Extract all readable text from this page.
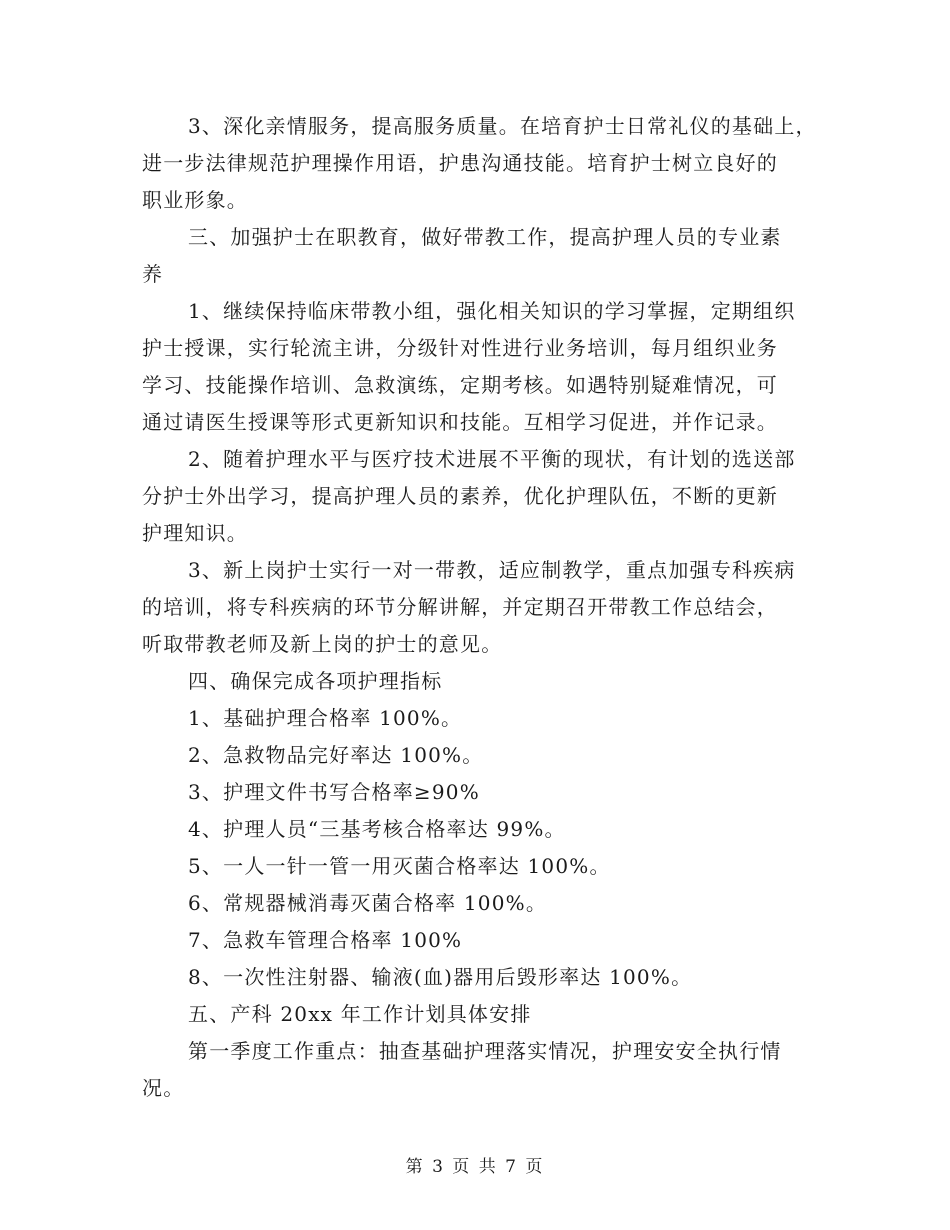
3、深化亲情服务，提高服务质量。在培育护士日常礼仪的基础上，
进一步法律规范护理操作用语，护患沟通技能。培育护士树立良好的
职业形象。
三、加强护士在职教育，做好带教工作，提高护理人员的专业素
养
1、继续保持临床带教小组，强化相关知识的学习掌握，定期组织
护士授课，实行轮流主讲，分级针对性进行业务培训，每月组织业务
学习、技能操作培训、急救演练，定期考核。如遇特别疑难情况，可
通过请医生授课等形式更新知识和技能。互相学习促进，并作记录。
2、随着护理水平与医疗技术进展不平衡的现状，有计划的选送部
分护士外出学习，提高护理人员的素养，优化护理队伍，不断的更新
护理知识。
3、新上岗护士实行一对一带教，适应制教学，重点加强专科疾病
的培训，将专科疾病的环节分解讲解，并定期召开带教工作总结会，
听取带教老师及新上岗的护士的意见。
四、确保完成各项护理指标
1、基础护理合格率 100%。
2、急救物品完好率达 100%。
3、护理文件书写合格率≥90%
4、护理人员“三基考核合格率达 99%。
5、一人一针一管一用灭菌合格率达 100%。
6、常规器械消毒灭菌合格率 100%。
7、急救车管理合格率 100%
8、一次性注射器、输液(血)器用后毁形率达 100%。
五、产科 20xx 年工作计划具体安排
第一季度工作重点：抽查基础护理落实情况，护理安安全执行情
况。
第 3 页 共 7 页
